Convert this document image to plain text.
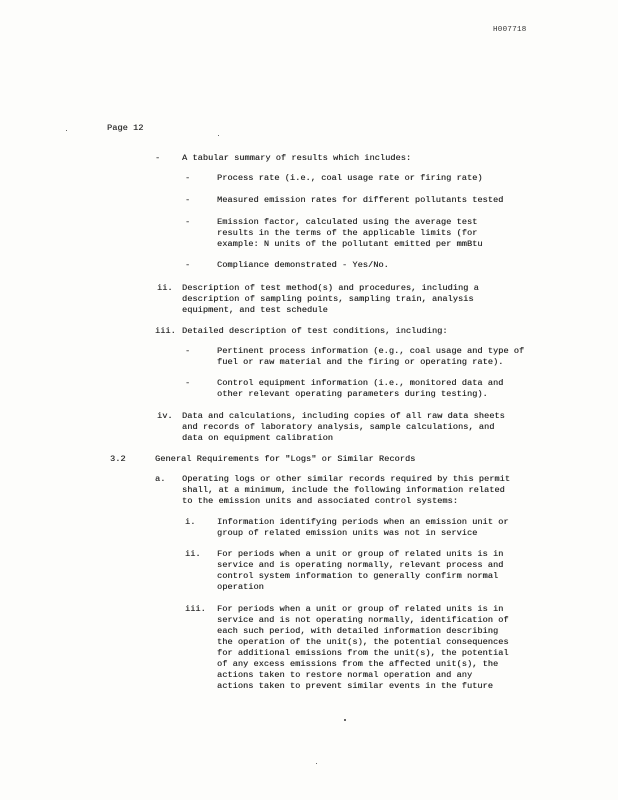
H007718
Page 12
-	A tabular summary of results which includes:
-	Process rate (i.e., coal usage rate or firing rate)
-	Measured emission rates for different pollutants tested
-	Emission factor, calculated using the average test
results in the terms of the applicable limits (for
example: N units of the pollutant emitted per mmBtu
-	Compliance demonstrated - Yes/No.
ii. Description of test method(s) and procedures, including a
description of sampling points, sampling train, analysis
equipment, and test schedule
iii. Detailed description of test conditions, including:
-	Pertinent process information (e.g., coal usage and type of
fuel or raw material and the firing or operating rate).
-	Control equipment information (i.e., monitored data and
other relevant operating parameters during testing).
iv. Data and calculations, including copies of all raw data sheets
and records of laboratory analysis, sample calculations, and
data on equipment calibration
3.2	General Requirements for "Logs" or Similar Records
a. Operating logs or other similar records required by this permit
shall, at a minimum, include the following information related
to the emission units and associated control systems:
i.	Information identifying periods when an emission unit or
group of related emission units was not in service
ii. For periods when a unit or group of related units is in
service and is operating normally, relevant process and
control system information to generally confirm normal
operation
iii. For periods when a unit or group of related units is in
service and is not operating normally, identification of
each such period, with detailed information describing
the operation of the unit(s), the potential consequences
for additional emissions from the unit(s), the potential
of any excess emissions from the affected unit(s), the
actions taken to restore normal operation and any
actions taken to prevent similar events in the future
